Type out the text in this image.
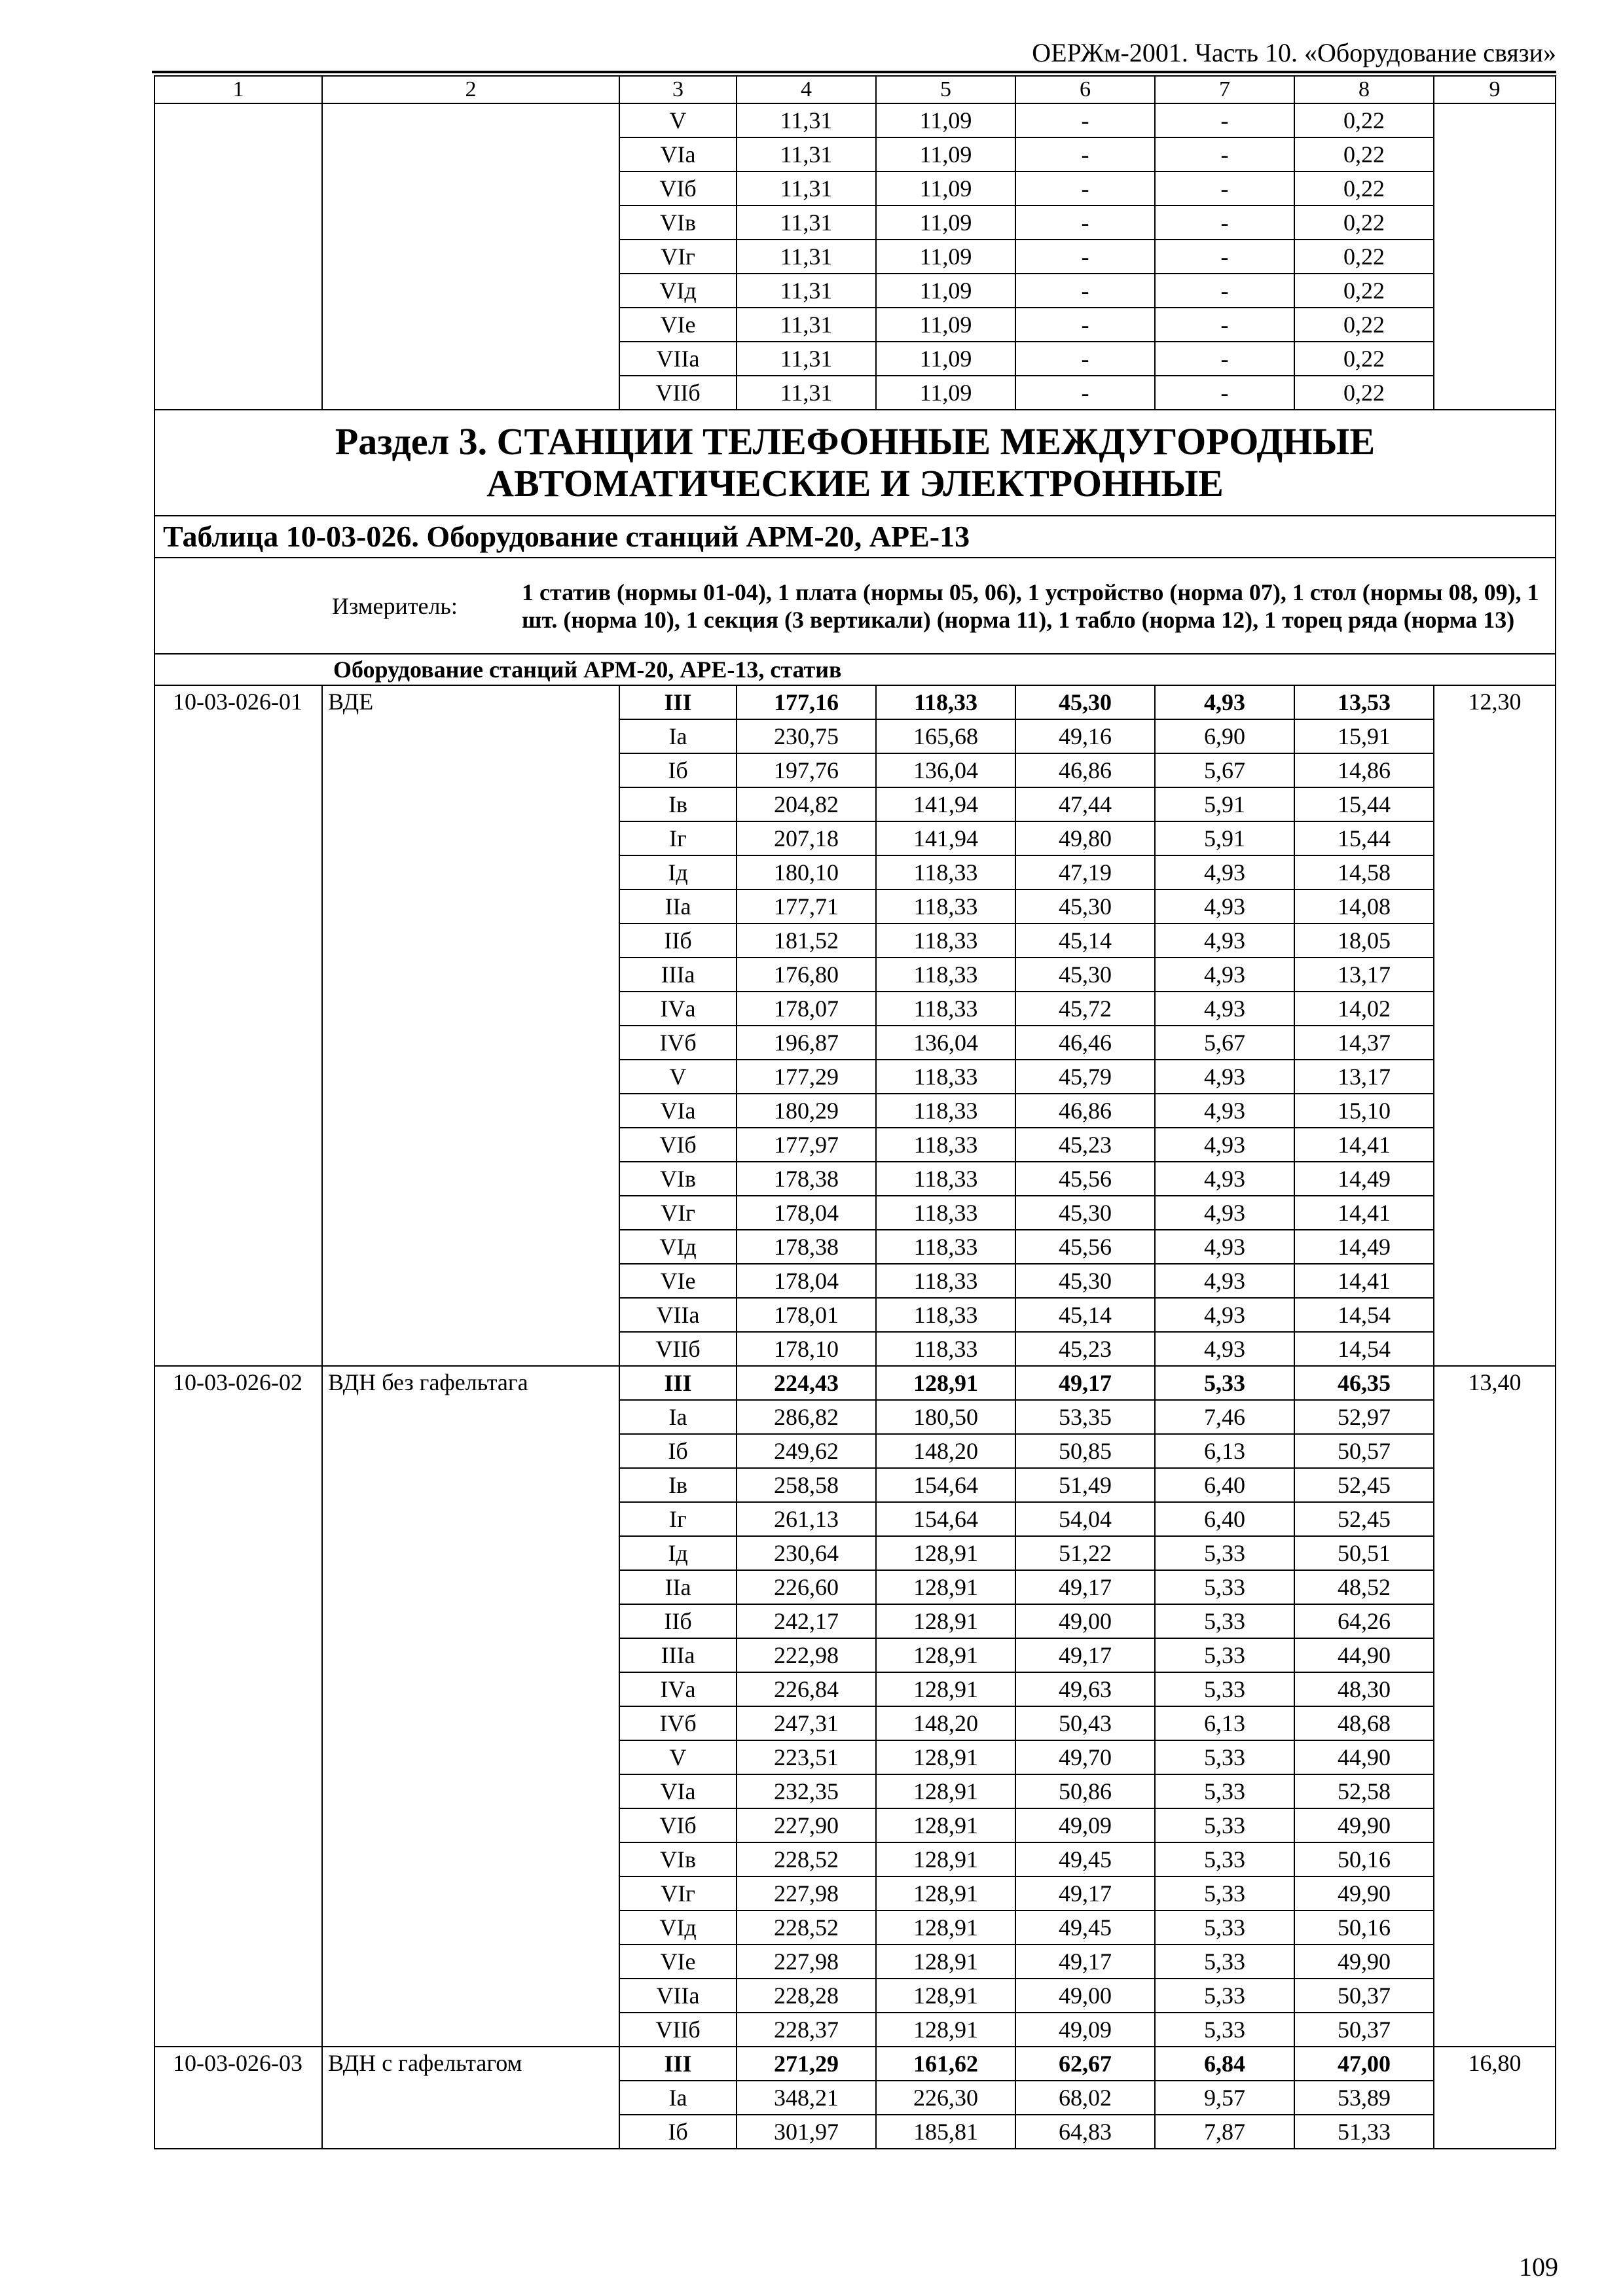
ОЕРЖм-2001. Часть 10. «Оборудование связи»
1	2	3	4	5	6	7	8	9
		V	11,31	11,09	-	-	0,22	
		VIа	11,31	11,09	-	-	0,22	
		VIб	11,31	11,09	-	-	0,22	
		VIв	11,31	11,09	-	-	0,22	
		VIг	11,31	11,09	-	-	0,22	
		VIд	11,31	11,09	-	-	0,22	
		VIе	11,31	11,09	-	-	0,22	
		VIIа	11,31	11,09	-	-	0,22	
		VIIб	11,31	11,09	-	-	0,22	

Раздел 3. СТАНЦИИ ТЕЛЕФОННЫЕ МЕЖДУГОРОДНЫЕ
АВТОМАТИЧЕСКИЕ И ЭЛЕКТРОННЫЕ								

Таблица 10-03-026. Оборудование станций АРМ-20, АРЕ-13								

Измеритель:
1 статив (нормы 01-04), 1 плата (нормы 05, 06), 1 устройство (норма 07), 1 стол (нормы 08, 09), 1 шт. (норма 10), 1 секция (3 вертикали) (норма 11), 1 табло (норма 12), 1 торец ряда (норма 13)								

Оборудование станций АРМ-20, АРЕ-13, статив								
10-03-026-01	ВДЕ	III	177,16	118,33	45,30	4,93	13,53	12,30
		Iа	230,75	165,68	49,16	6,90	15,91	
		Iб	197,76	136,04	46,86	5,67	14,86	
		Iв	204,82	141,94	47,44	5,91	15,44	
		Iг	207,18	141,94	49,80	5,91	15,44	
		Iд	180,10	118,33	47,19	4,93	14,58	
		IIа	177,71	118,33	45,30	4,93	14,08	
		IIб	181,52	118,33	45,14	4,93	18,05	
		IIIа	176,80	118,33	45,30	4,93	13,17	
		IVа	178,07	118,33	45,72	4,93	14,02	
		IVб	196,87	136,04	46,46	5,67	14,37	
		V	177,29	118,33	45,79	4,93	13,17	
		VIа	180,29	118,33	46,86	4,93	15,10	
		VIб	177,97	118,33	45,23	4,93	14,41	
		VIв	178,38	118,33	45,56	4,93	14,49	
		VIг	178,04	118,33	45,30	4,93	14,41	
		VIд	178,38	118,33	45,56	4,93	14,49	
		VIе	178,04	118,33	45,30	4,93	14,41	
		VIIа	178,01	118,33	45,14	4,93	14,54	
		VIIб	178,10	118,33	45,23	4,93	14,54	
10-03-026-02	ВДН без гафельтага	III	224,43	128,91	49,17	5,33	46,35	13,40
		Iа	286,82	180,50	53,35	7,46	52,97	
		Iб	249,62	148,20	50,85	6,13	50,57	
		Iв	258,58	154,64	51,49	6,40	52,45	
		Iг	261,13	154,64	54,04	6,40	52,45	
		Iд	230,64	128,91	51,22	5,33	50,51	
		IIа	226,60	128,91	49,17	5,33	48,52	
		IIб	242,17	128,91	49,00	5,33	64,26	
		IIIа	222,98	128,91	49,17	5,33	44,90	
		IVа	226,84	128,91	49,63	5,33	48,30	
		IVб	247,31	148,20	50,43	6,13	48,68	
		V	223,51	128,91	49,70	5,33	44,90	
		VIа	232,35	128,91	50,86	5,33	52,58	
		VIб	227,90	128,91	49,09	5,33	49,90	
		VIв	228,52	128,91	49,45	5,33	50,16	
		VIг	227,98	128,91	49,17	5,33	49,90	
		VIд	228,52	128,91	49,45	5,33	50,16	
		VIе	227,98	128,91	49,17	5,33	49,90	
		VIIа	228,28	128,91	49,00	5,33	50,37	
		VIIб	228,37	128,91	49,09	5,33	50,37	
10-03-026-03	ВДН с гафельтагом	III	271,29	161,62	62,67	6,84	47,00	16,80
		Iа	348,21	226,30	68,02	9,57	53,89	
		Iб	301,97	185,81	64,83	7,87	51,33	
109
